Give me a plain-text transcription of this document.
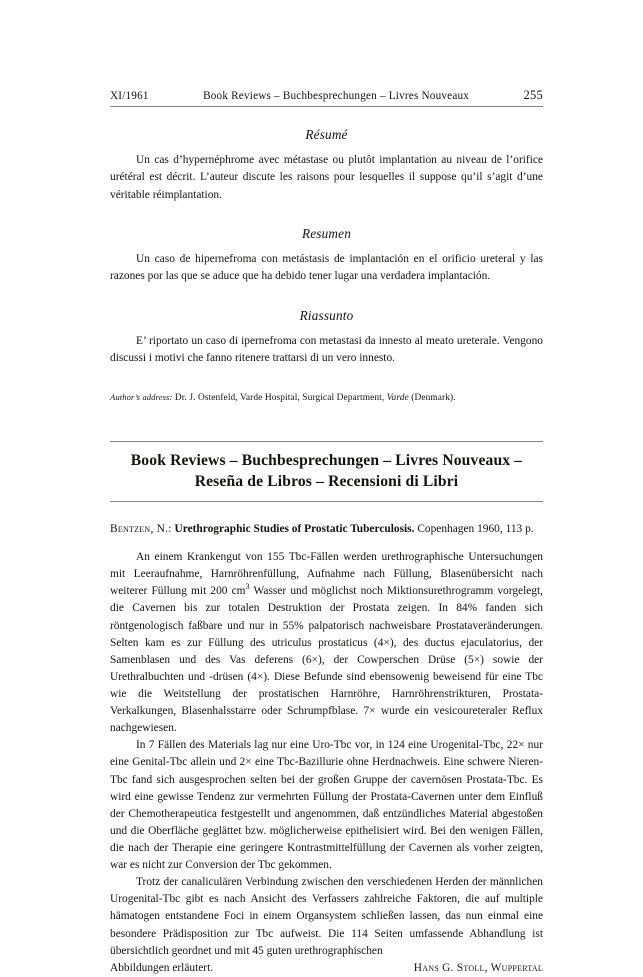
XI/1961	Book Reviews – Buchbesprechungen – Livres Nouveaux	255
Résumé
Un cas d’hypernéphrome avec métastase ou plutôt implantation au niveau de l’orifice urétéral est décrit. L’auteur discute les raisons pour lesquelles il suppose qu’il s’agit d’une véritable réimplantation.
Resumen
Un caso de hipernefroma con metástasis de implantación en el orificio ureteral y las razones por las que se aduce que ha debido tener lugar una verdadera implantación.
Riassunto
E’ riportato un caso di ipernefroma con metastasi da innesto al meato ureterale. Vengono discussi i motivi che fanno ritenere trattarsi di un vero innesto.
Author’s address: Dr. J. Ostenfeld, Varde Hospital, Surgical Department, Varde (Denmark).
Book Reviews – Buchbesprechungen – Livres Nouveaux –
Reseña de Libros – Recensioni di Libri

Bentzen, N.: Urethrographic Studies of Prostatic Tuberculosis. Copenhagen 1960, 113 p.

An einem Krankengut von 155 Tbc-Fällen werden urethrographische Untersuchungen mit Leeraufnahme, Harnröhrenfüllung, Aufnahme nach Füllung, Blasenübersicht nach weiterer Füllung mit 200 $cm^3$ Wasser und möglichst noch Miktionsurethrogramm vorgelegt, die Cavernen bis zur totalen Destruktion der Prostata zeigen. In 84% fanden sich röntgenologisch faßbare und nur in 55% palpatorisch nachweisbare Prostataveränderungen. Selten kam es zur Füllung des utriculus prostaticus (4×), des ductus ejaculatorius, der Samenblasen und des Vas deferens (6×), der Cowperschen Drüse (5×) sowie der Urethralbuchten und -drüsen (4×). Diese Befunde sind ebensowenig beweisend für eine Tbc wie die Weitstellung der prostatischen Harnröhre, Harnröhrenstrikturen, Prostata-Verkalkungen, Blasenhalsstarre oder Schrumpfblase. 7× wurde ein vesicoureteraler Reflux nachgewiesen.

In 7 Fällen des Materials lag nur eine Uro-Tbc vor, in 124 eine Urogenital-Tbc, 22× nur eine Genital-Tbc allein und 2× eine Tbc-Bazillurie ohne Herdnachweis. Eine schwere Nieren-Tbc fand sich ausgesprochen selten bei der großen Gruppe der cavernösen Prostata-Tbc. Es wird eine gewisse Tendenz zur vermehrten Füllung der Prostata-Cavernen unter dem Einfluß der Chemotherapeutica festgestellt und angenommen, daß entzündliches Material abgestoßen und die Oberfläche geglättet bzw. möglicherweise epithelisiert wird. Bei den wenigen Fällen, die nach der Therapie eine geringere Kontrastmittelfüllung der Cavernen als vorher zeigten, war es nicht zur Conversion der Tbc gekommen.

Trotz der canaliculären Verbindung zwischen den verschiedenen Herden der männlichen Urogenital-Tbc gibt es nach Ansicht des Verfassers zahlreiche Faktoren, die auf multiple hämatogen entstandene Foci in einem Organsystem schließen lassen, das nun einmal eine besondere Prädisposition zur Tbc aufweist. Die 114 Seiten umfassende Abhandlung ist übersichtlich geordnet und mit 45 guten urethrographischen

Abbildungen erläutert.	Hans G. Stoll, Wuppertal
